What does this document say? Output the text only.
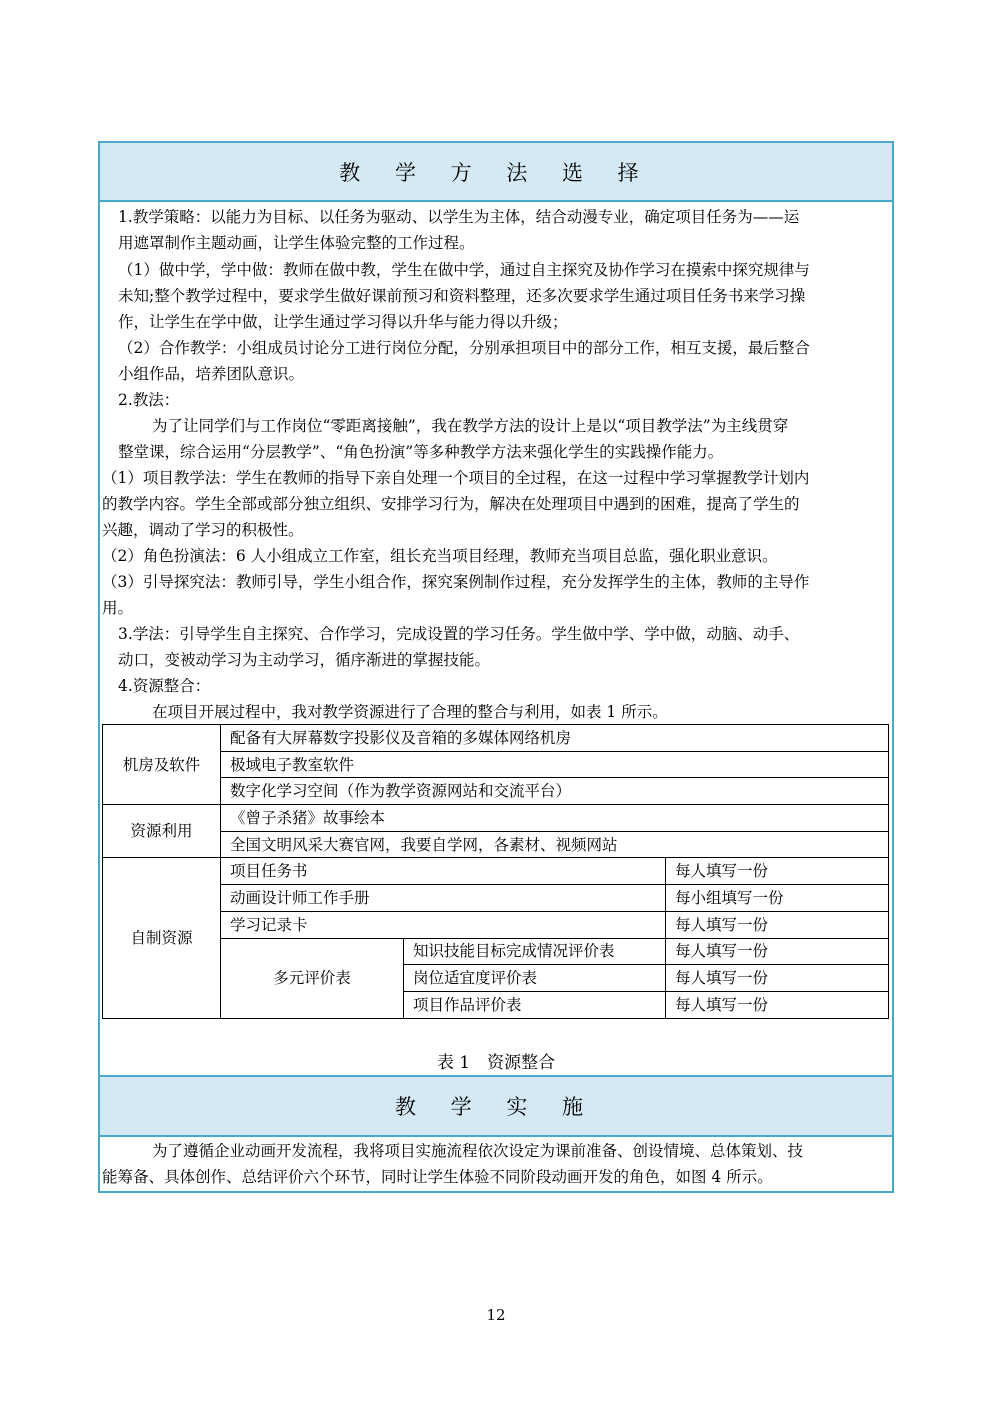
教 学 方 法 选 择
教 学 实 施
1.教学策略：以能力为目标、以任务为驱动、以学生为主体，结合动漫专业，确定项目任务为——运
用遮罩制作主题动画，让学生体验完整的工作过程。
（1）做中学，学中做：教师在做中教，学生在做中学，通过自主探究及协作学习在摸索中探究规律与
未知;整个教学过程中，要求学生做好课前预习和资料整理，还多次要求学生通过项目任务书来学习操
作，让学生在学中做，让学生通过学习得以升华与能力得以升级；
（2）合作教学：小组成员讨论分工进行岗位分配，分别承担项目中的部分工作，相互支援，最后整合
小组作品，培养团队意识。
2.教法：
为了让同学们与工作岗位“零距离接触”，我在教学方法的设计上是以“项目教学法”为主线贯穿
整堂课，综合运用“分层教学”、“角色扮演”等多种教学方法来强化学生的实践操作能力。
（1）项目教学法：学生在教师的指导下亲自处理一个项目的全过程，在这一过程中学习掌握教学计划内
的教学内容。学生全部或部分独立组织、安排学习行为，解决在处理项目中遇到的困难，提高了学生的
兴趣，调动了学习的积极性。
（2）角色扮演法：6 人小组成立工作室，组长充当项目经理，教师充当项目总监，强化职业意识。
（3）引导探究法：教师引导，学生小组合作，探究案例制作过程，充分发挥学生的主体，教师的主导作
用。
3.学法：引导学生自主探究、合作学习，完成设置的学习任务。学生做中学、学中做，动脑、动手、
动口，变被动学习为主动学习，循序渐进的掌握技能。
4.资源整合：
在项目开展过程中，我对教学资源进行了合理的整合与利用，如表 1 所示。
机房及软件	配备有大屏幕数字投影仪及音箱的多媒体网络机房		
	极域电子教室软件		
	数字化学习空间（作为教学资源网站和交流平台）		
资源利用	《曾子杀猪》故事绘本		
	全国文明风采大赛官网，我要自学网，各素材、视频网站		
自制资源	项目任务书		每人填写一份
	动画设计师工作手册		每小组填写一份
	学习记录卡		每人填写一份
	多元评价表	知识技能目标完成情况评价表	每人填写一份
		岗位适宜度评价表	每人填写一份
		项目作品评价表	每人填写一份
表 1　资源整合
为了遵循企业动画开发流程，我将项目实施流程依次设定为课前准备、创设情境、总体策划、技
能筹备、具体创作、总结评价六个环节，同时让学生体验不同阶段动画开发的角色，如图 4 所示。
12
